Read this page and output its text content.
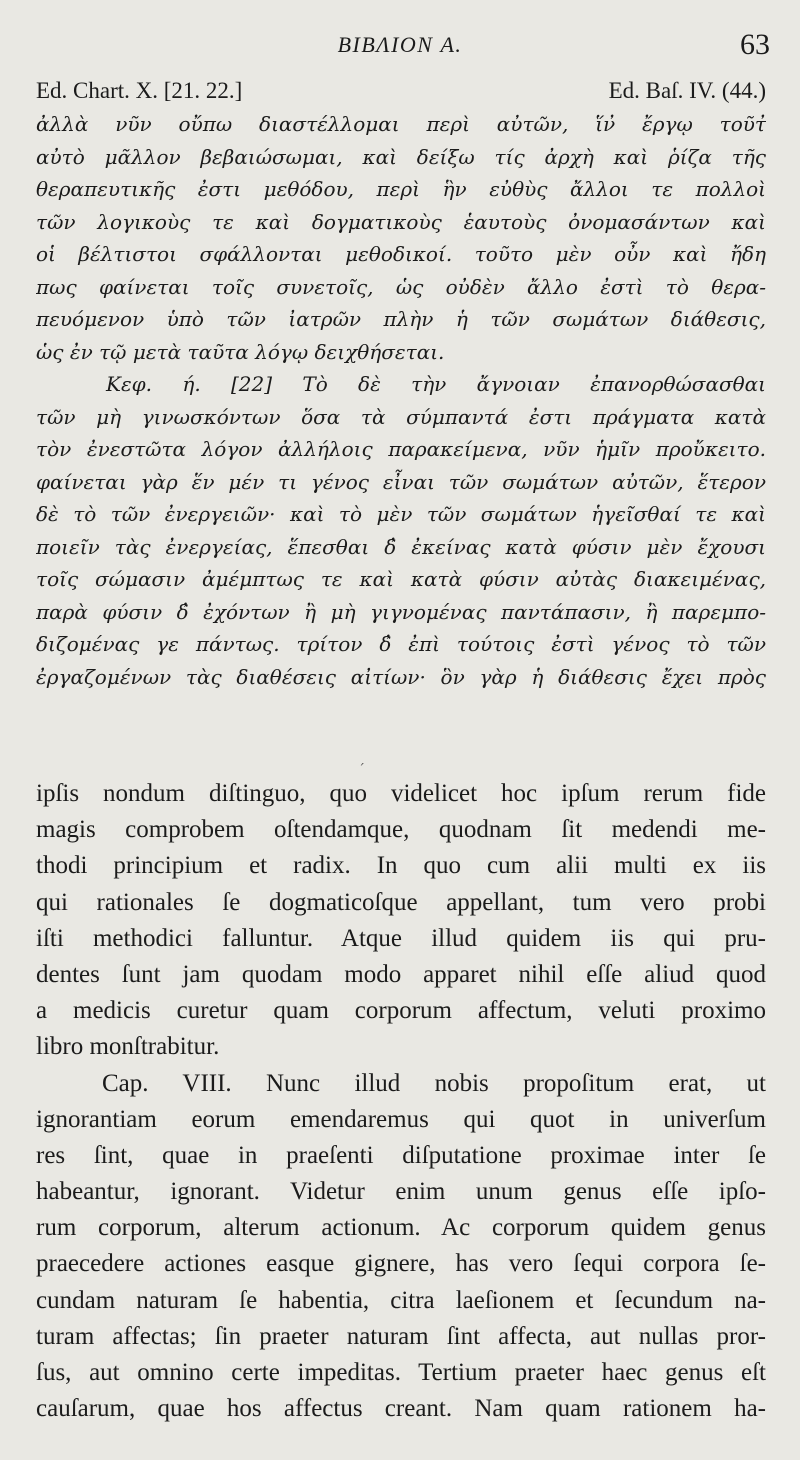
BIBΛION Α.	63
Ed. Chart. X. [21. 22.]	Ed. Baſ. IV. (44.)
ἀλλὰ νῦν οὔπω διαστέλλομαι περὶ αὐτῶν, ἵν̓ ἔργῳ τοῦτ̓
αὐτὸ μᾶλλον βεβαιώσωμαι, καὶ δείξω τίς ἀρχὴ καὶ ῥίζα τῆς
θεραπευτικῆς ἐστι μεθόδου, περὶ ἣν εὐθὺς ἄλλοι τε πολλοὶ
τῶν λογικοὺς τε καὶ δογματικοὺς ἑαυτοὺς ὀνομασάντων καὶ
οἱ βέλτιστοι σφάλλονται μεθοδικοί. τοῦτο μὲν οὖν καὶ ἤδη
πως φαίνεται τοῖς συνετοῖς, ὡς οὐδὲν ἄλλο ἐστὶ τὸ θερα-
πευόμενον ὑπὸ τῶν ἰατρῶν πλὴν ἡ τῶν σωμάτων διάθεσις,
ὡς ἐν τῷ μετὰ ταῦτα λόγῳ δειχθήσεται.
Κεφ. ή. [22] Τὸ δὲ τὴν ἄγνοιαν ἐπανορθώσασθαι
τῶν μὴ γινωσκόντων ὅσα τὰ σύμπαντά ἐστι πράγματα κατὰ
τὸν ἐνεστῶτα λόγον ἀλλήλοις παρακείμενα, νῦν ἡμῖν προὔκειτο.
φαίνεται γὰρ ἕν μέν τι γένος εἶναι τῶν σωμάτων αὐτῶν, ἕτερον
δὲ τὸ τῶν ἐνεργειῶν· καὶ τὸ μὲν τῶν σωμάτων ἡγεῖσθαί τε καὶ
ποιεῖν τὰς ἐνεργείας, ἕπεσθαι δ̓ ἐκείνας κατὰ φύσιν μὲν ἔχουσι
τοῖς σώμασιν ἀμέμπτως τε καὶ κατὰ φύσιν αὐτὰς διακειμένας,
παρὰ φύσιν δ̓ ἐχόντων ἢ μὴ γιγνομένας παντάπασιν, ἢ παρεμπο-
διζομένας γε πάντως. τρίτον δ̓ ἐπὶ τούτοις ἐστὶ γένος τὸ τῶν
ἐργαζομένων τὰς διαθέσεις αἰτίων· ὃν γὰρ ἡ διάθεσις ἔχει πρὸς
ˊ
ipſis nondum diſtinguo, quo videlicet hoc ipſum rerum fide
magis comprobem oſtendamque, quodnam ſit medendi me-
thodi principium et radix. In quo cum alii multi ex iis
qui rationales ſe dogmaticoſque appellant, tum vero probi
iſti methodici falluntur. Atque illud quidem iis qui pru-
dentes ſunt jam quodam modo apparet nihil eſſe aliud quod
a medicis curetur quam corporum affectum, veluti proximo
libro monſtrabitur.
Cap. VIII. Nunc illud nobis propoſitum erat, ut
ignorantiam eorum emendaremus qui quot in univerſum
res ſint, quae in praeſenti diſputatione proximae inter ſe
habeantur, ignorant. Videtur enim unum genus eſſe ipſo-
rum corporum, alterum actionum. Ac corporum quidem genus
praecedere actiones easque gignere, has vero ſequi corpora ſe-
cundam naturam ſe habentia, citra laeſionem et ſecundum na-
turam affectas; ſin praeter naturam ſint affecta, aut nullas pror-
ſus, aut omnino certe impeditas. Tertium praeter haec genus eſt
cauſarum, quae hos affectus creant. Nam quam rationem ha-
